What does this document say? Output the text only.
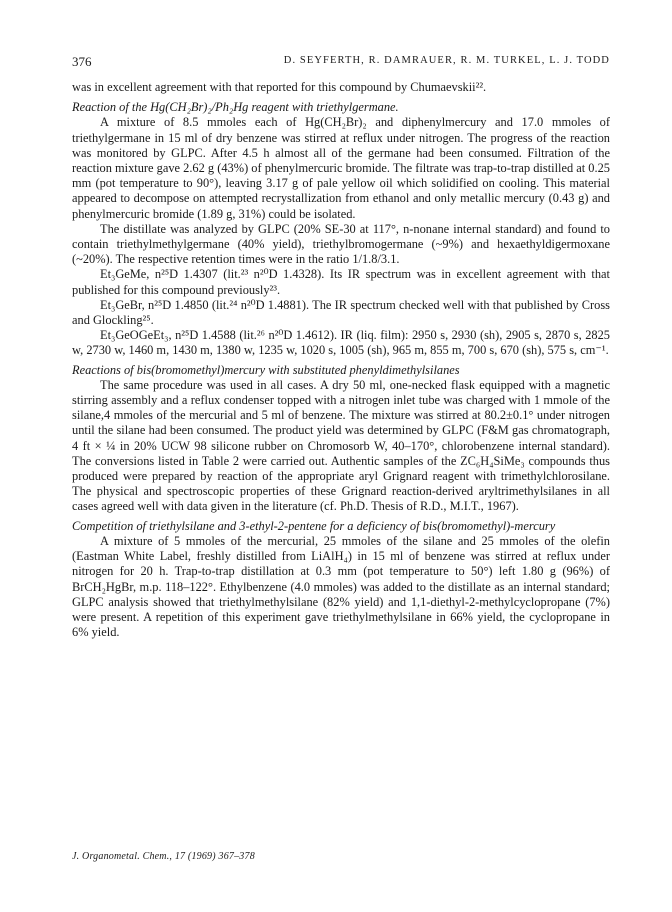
376	D. SEYFERTH, R. DAMRAUER, R. M. TURKEL, L. J. TODD

was in excellent agreement with that reported for this compound by Chumaevskii²².

Reaction of the Hg(CH₂Br)₂/Ph₂Hg reagent with triethylgermane.

A mixture of 8.5 mmoles each of Hg(CH₂Br)₂ and diphenylmercury and 17.0 mmoles of triethylgermane in 15 ml of dry benzene was stirred at reflux under nitrogen. The progress of the reaction was monitored by GLPC. After 4.5 h almost all of the germane had been consumed. Filtration of the reaction mixture gave 2.62 g (43%) of phenylmercuric bromide. The filtrate was trap-to-trap distilled at 0.25 mm (pot temperature to 90°), leaving 3.17 g of pale yellow oil which solidified on cooling. This material appeared to decompose on attempted recrystallization from ethanol and only metallic mercury (0.43 g) and phenylmercuric bromide (1.89 g, 31%) could be isolated.

The distillate was analyzed by GLPC (20% SE-30 at 117°, n-nonane internal standard) and found to contain triethylmethylgermane (40% yield), triethylbromogermane (~9%) and hexaethyldigermoxane (~20%). The respective retention times were in the ratio 1/1.8/3.1.

Et₃GeMe, n²⁵D 1.4307 (lit.²³ n²⁰D 1.4328). Its IR spectrum was in excellent agreement with that published for this compound previously²³.

Et₃GeBr, n²⁵D 1.4850 (lit.²⁴ n²⁰D 1.4881). The IR spectrum checked well with that published by Cross and Glockling²⁵.

Et₃GeOGeEt₃, n²⁵D 1.4588 (lit.²⁶ n²⁰D 1.4612). IR (liq. film): 2950 s, 2930 (sh), 2905 s, 2870 s, 2825 w, 2730 w, 1460 m, 1430 m, 1380 w, 1235 w, 1020 s, 1005 (sh), 965 m, 855 m, 700 s, 670 (sh), 575 s, cm⁻¹.

Reactions of bis(bromomethyl)mercury with substituted phenyldimethylsilanes

The same procedure was used in all cases. A dry 50 ml, one-necked flask equipped with a magnetic stirring assembly and a reflux condenser topped with a nitrogen inlet tube was charged with 1 mmole of the silane,4 mmoles of the mercurial and 5 ml of benzene. The mixture was stirred at 80.2±0.1° under nitrogen until the silane had been consumed. The product yield was determined by GLPC (F&M gas chromatograph, 4 ft × ¼ in 20% UCW 98 silicone rubber on Chromosorb W, 40–170°, chlorobenzene internal standard). The conversions listed in Table 2 were carried out. Authentic samples of the ZC₆H₄SiMe₃ compounds thus produced were prepared by reaction of the appropriate aryl Grignard reagent with trimethylchlorosilane. The physical and spectroscopic properties of these Grignard reaction-derived aryltrimethylsilanes in all cases agreed well with data given in the literature (cf. Ph.D. Thesis of R.D., M.I.T., 1967).

Competition of triethylsilane and 3-ethyl-2-pentene for a deficiency of bis(bromomethyl)-mercury

A mixture of 5 mmoles of the mercurial, 25 mmoles of the silane and 25 mmoles of the olefin (Eastman White Label, freshly distilled from LiAlH₄) in 15 ml of benzene was stirred at reflux under nitrogen for 20 h. Trap-to-trap distillation at 0.3 mm (pot temperature to 50°) left 1.80 g (96%) of BrCH₂HgBr, m.p. 118–122°. Ethylbenzene (4.0 mmoles) was added to the distillate as an internal standard; GLPC analysis showed that triethylmethylsilane (82% yield) and 1,1-diethyl-2-methylcyclopropane (7%) were present. A repetition of this experiment gave triethylmethylsilane in 66% yield, the cyclopropane in 6% yield.

J. Organometal. Chem., 17 (1969) 367–378
